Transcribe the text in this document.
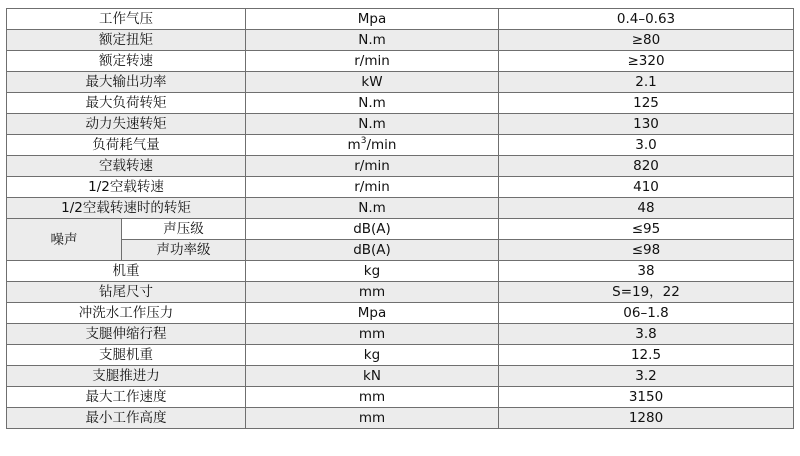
工作气压		Mpa	0.4–0.63
额定扭矩		N.m	≥80
额定转速		r/min	≥320
最大输出功率		kW	2.1
最大负荷转矩		N.m	125
动力失速转矩		N.m	130
负荷耗气量		$m^3/\min$	3.0
空载转速		r/min	820
1/2空载转速		r/min	410
1/2空载转速时的转矩		N.m	48
噪声	声压级	dB(A)	≤95
	声功率级	dB(A)	≤98
机重		kg	38
钻尾尺寸		mm	S=19，22
冲洗水工作压力		Mpa	06–1.8
支腿伸缩行程		mm	3.8
支腿机重		kg	12.5
支腿推进力		kN	3.2
最大工作速度		mm	3150
最小工作高度		mm	1280
